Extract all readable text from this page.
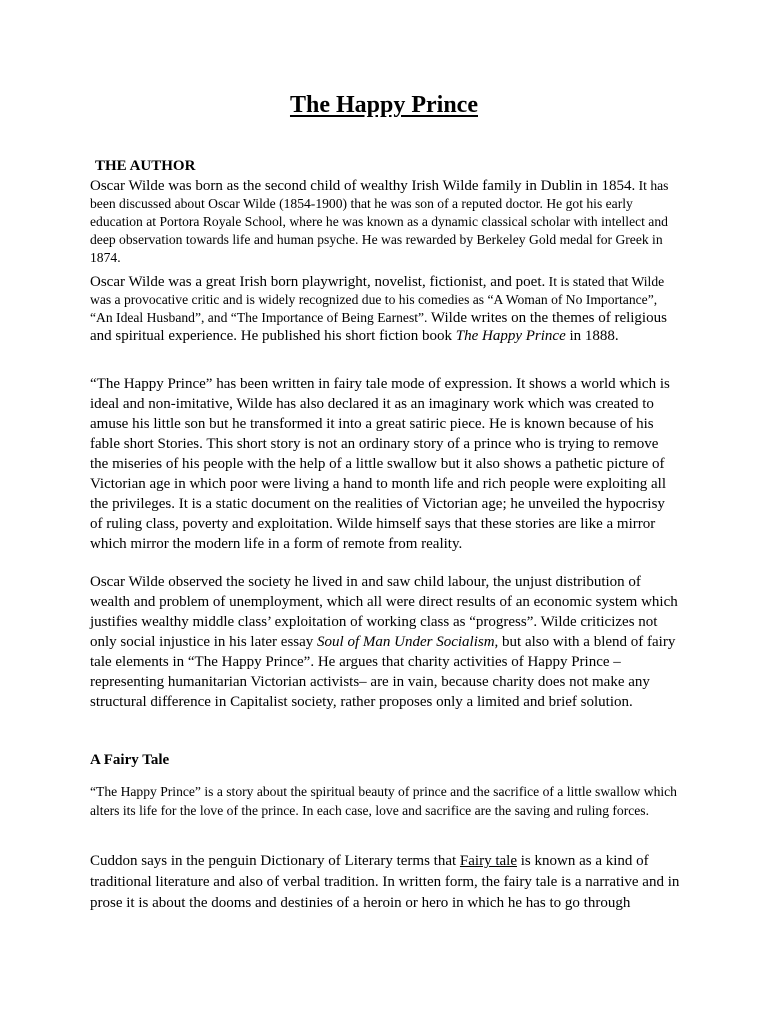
The Happy Prince
THE AUTHOR

Oscar Wilde was born as the second child of wealthy Irish Wilde family in Dublin in 1854. It has been discussed about Oscar Wilde (1854-1900) that he was son of a reputed doctor. He got his early education at Portora Royale School, where he was known as a dynamic classical scholar with intellect and deep observation towards life and human psyche. He was rewarded by Berkeley Gold medal for Greek in 1874.

Oscar Wilde was a great Irish born playwright, novelist, fictionist, and poet. It is stated that Wilde was a provocative critic and is widely recognized due to his comedies as “A Woman of No Importance”, “An Ideal Husband”, and “The Importance of Being Earnest”. Wilde writes on the themes of religious and spiritual experience. He published his short fiction book The Happy Prince in 1888.

“The Happy Prince” has been written in fairy tale mode of expression. It shows a world which is ideal and non-imitative, Wilde has also declared it as an imaginary work which was created to amuse his little son but he transformed it into a great satiric piece. He is known because of his fable short Stories. This short story is not an ordinary story of a prince who is trying to remove the miseries of his people with the help of a little swallow but it also shows a pathetic picture of Victorian age in which poor were living a hand to month life and rich people were exploiting all the privileges. It is a static document on the realities of Victorian age; he unveiled the hypocrisy of ruling class, poverty and exploitation. Wilde himself says that these stories are like a mirror which mirror the modern life in a form of remote from reality.

Oscar Wilde observed the society he lived in and saw child labour, the unjust distribution of wealth and problem of unemployment, which all were direct results of an economic system which justifies wealthy middle class’ exploitation of working class as “progress”. Wilde criticizes not only social injustice in his later essay Soul of Man Under Socialism, but also with a blend of fairy tale elements in “The Happy Prince”. He argues that charity activities of Happy Prince –representing humanitarian Victorian activists– are in vain, because charity does not make any structural difference in Capitalist society, rather proposes only a limited and brief solution.

A Fairy Tale

“The Happy Prince” is a story about the spiritual beauty of prince and the sacrifice of a little swallow which alters its life for the love of the prince. In each case, love and sacrifice are the saving and ruling forces.

Cuddon says in the penguin Dictionary of Literary terms that Fairy tale is known as a kind of traditional literature and also of verbal tradition. In written form, the fairy tale is a narrative and in prose it is about the dooms and destinies of a heroin or hero in which he has to go through
